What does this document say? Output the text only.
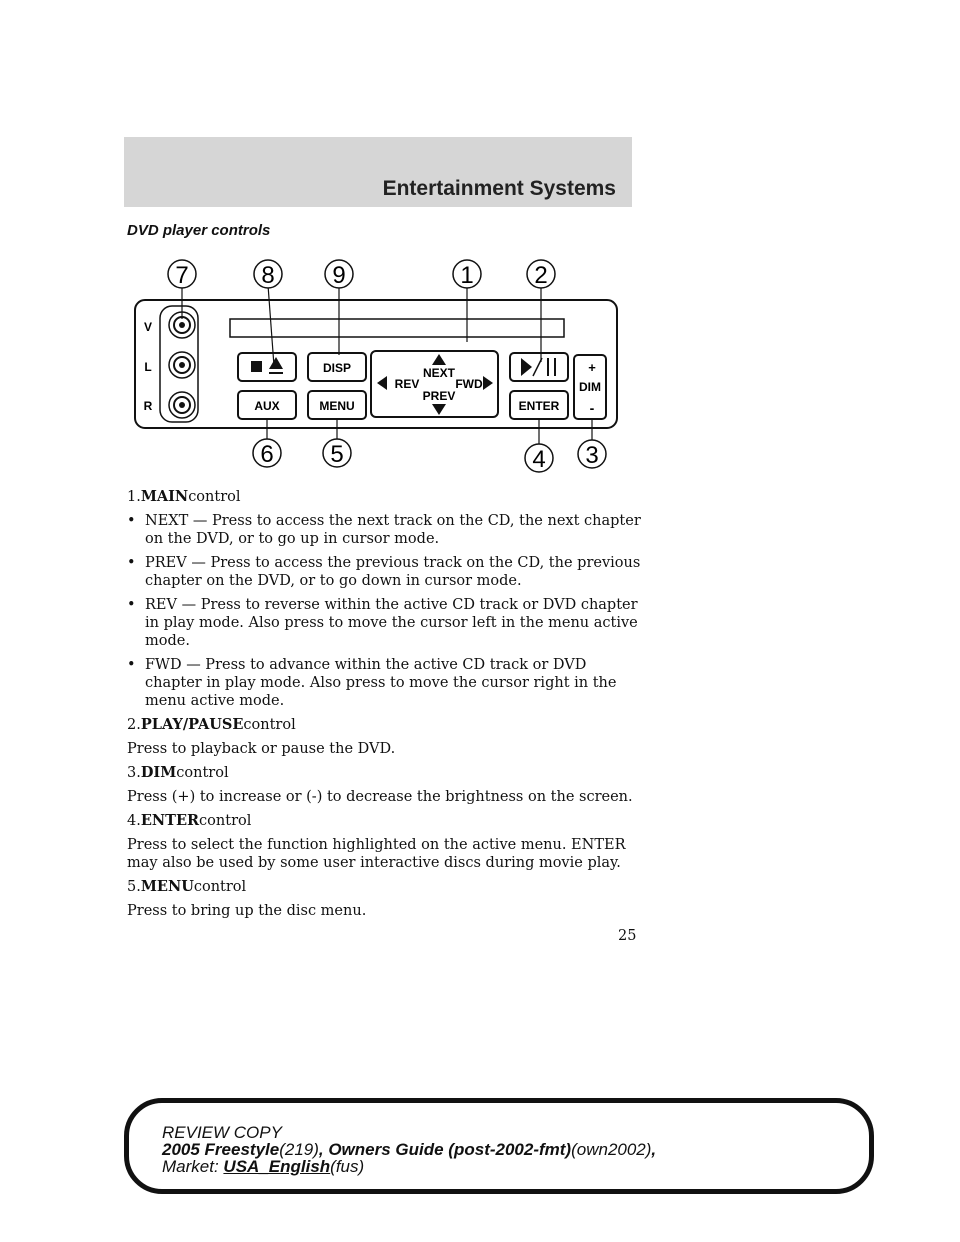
Entertainment Systems
DVD player controls
V
L
R
DISP
AUX	MENU
NEXT
REV	FWD
PREV
ENTER
+
DIM
-
7	8 9	1	2
6 5	4 3

1.MAINcontrol

• NEXT — Press to access the next track on the CD, the next chapter on the DVD, or to go up in cursor mode.

• PREV — Press to access the previous track on the CD, the previous chapter on the DVD, or to go down in cursor mode.

• REV — Press to reverse within the active CD track or DVD chapter in play mode. Also press to move the cursor left in the menu active mode.

• FWD — Press to advance within the active CD track or DVD chapter in play mode. Also press to move the cursor right in the menu active mode.

2.PLAY/PAUSEcontrol

Press to playback or pause the DVD.

3.DIMcontrol

Press (+) to increase or (-) to decrease the brightness on the screen.

4.ENTERcontrol

Press to select the function highlighted on the active menu. ENTER may also be used by some user interactive discs during movie play.

5.MENUcontrol

Press to bring up the disc menu.

25
REVIEW COPY
2005 Freestyle(219), Owners Guide (post-2002-fmt)(own2002),
Market: USA_English(fus)
